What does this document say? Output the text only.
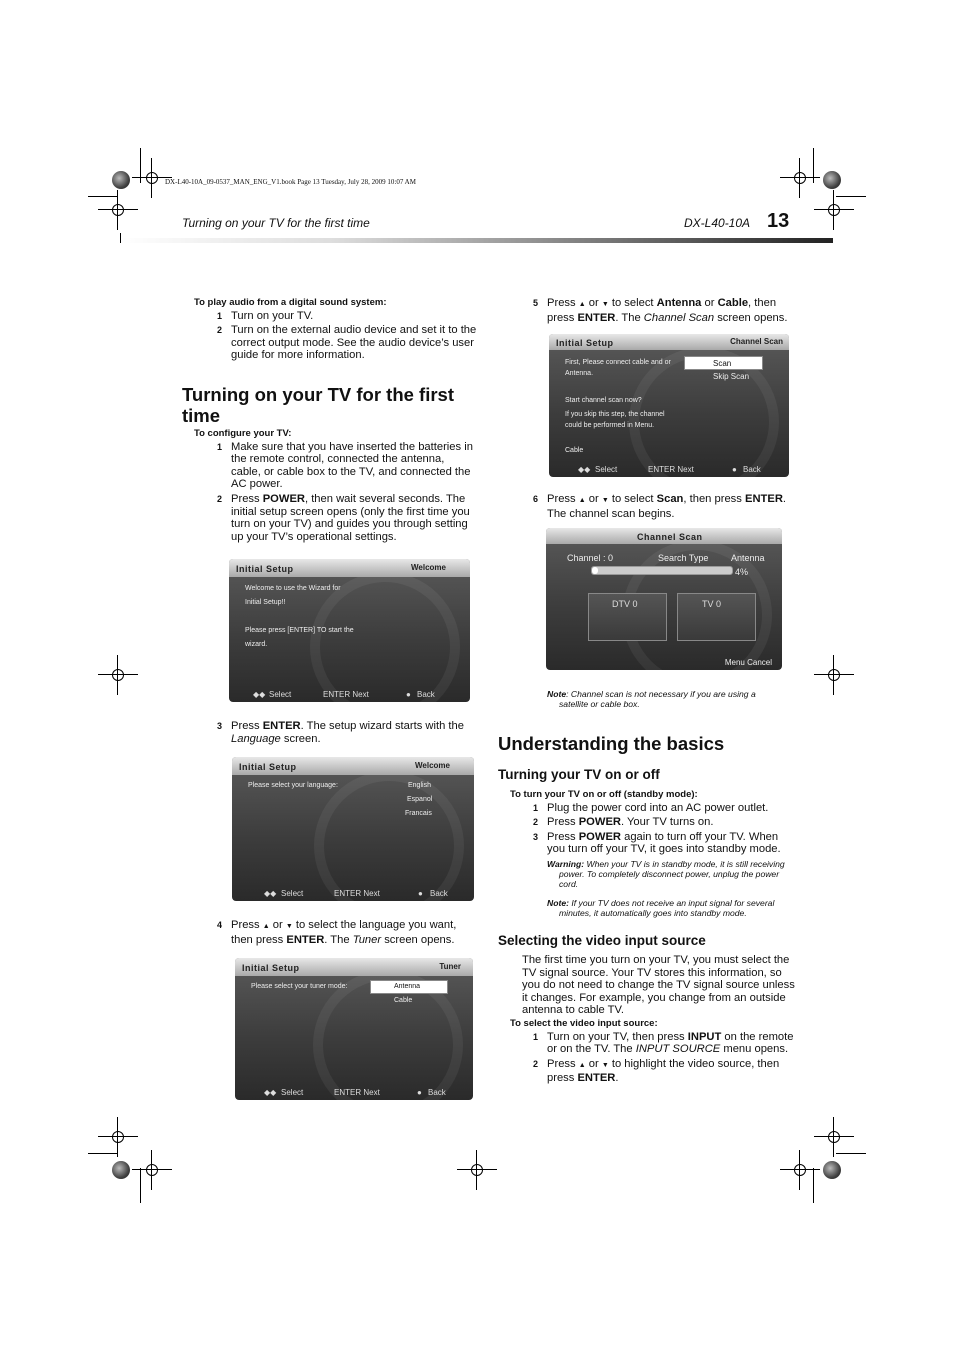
DX-L40-10A_09-0537_MAN_ENG_V1.book Page 13 Tuesday, July 28, 2009 10:07 AM
Turning on your TV for the first time	DX-L40-10A 13
To play audio from a digital sound system:
1 Turn on your TV.
2 Turn on the external audio device and set it to the correct output mode. See the audio device’s user guide for more information.
Turning on your TV for the first time
To configure your TV:
1 Make sure that you have inserted the batteries in the remote control, connected the antenna, cable, or cable box to the TV, and connected the AC power.
2 Press POWER, then wait several seconds. The initial setup screen opens (only the first time you turn on your TV) and guides you through setting up your TV’s operational settings.
Initial Setup	Welcome
Welcome to use the Wizard for
Initial Setup!!
Please press [ENTER] TO start the
wizard.
◆◆ Select	ENTER Next	● Back
3 Press ENTER. The setup wizard starts with the Language screen.
Initial Setup	Welcome
Please select your language:	English
Espanol
Francais
◆◆ Select	ENTER Next	● Back
4 Press ▲ or ▼ to select the language you want, then press ENTER. The Tuner screen opens.
Initial Setup	Tuner
Please select your tuner mode:	Antenna
Cable
◆◆ Select	ENTER Next	● Back
5 Press ▲ or ▼ to select Antenna or Cable, then press ENTER. The Channel Scan screen opens.
Initial Setup	Channel Scan
First, Please connect cable and or
Antenna.
Scan
Skip Scan
Start channel scan now?
If you skip this step, the channel
could be performed in Menu.
Cable
◆◆ Select	ENTER Next	● Back
6 Press ▲ or ▼ to select Scan, then press ENTER. The channel scan begins.
Channel Scan
Channel : 0	Search Type	Antenna
4%
DTV 0	TV 0
Menu Cancel
Note: Channel scan is not necessary if you are using a satellite or cable box.
Understanding the basics
Turning your TV on or off
To turn your TV on or off (standby mode):
1 Plug the power cord into an AC power outlet.
2 Press POWER. Your TV turns on.
3 Press POWER again to turn off your TV. When you turn off your TV, it goes into standby mode.
Warning: When your TV is in standby mode, it is still receiving power. To completely disconnect power, unplug the power cord.
Note: If your TV does not receive an input signal for several minutes, it automatically goes into standby mode.
Selecting the video input source
The first time you turn on your TV, you must select the TV signal source. Your TV stores this information, so you do not need to change the TV signal source unless it changes. For example, you change from an outside antenna to cable TV.
To select the video input source:
1 Turn on your TV, then press INPUT on the remote or on the TV. The INPUT SOURCE menu opens.
2 Press ▲ or ▼ to highlight the video source, then press ENTER.
